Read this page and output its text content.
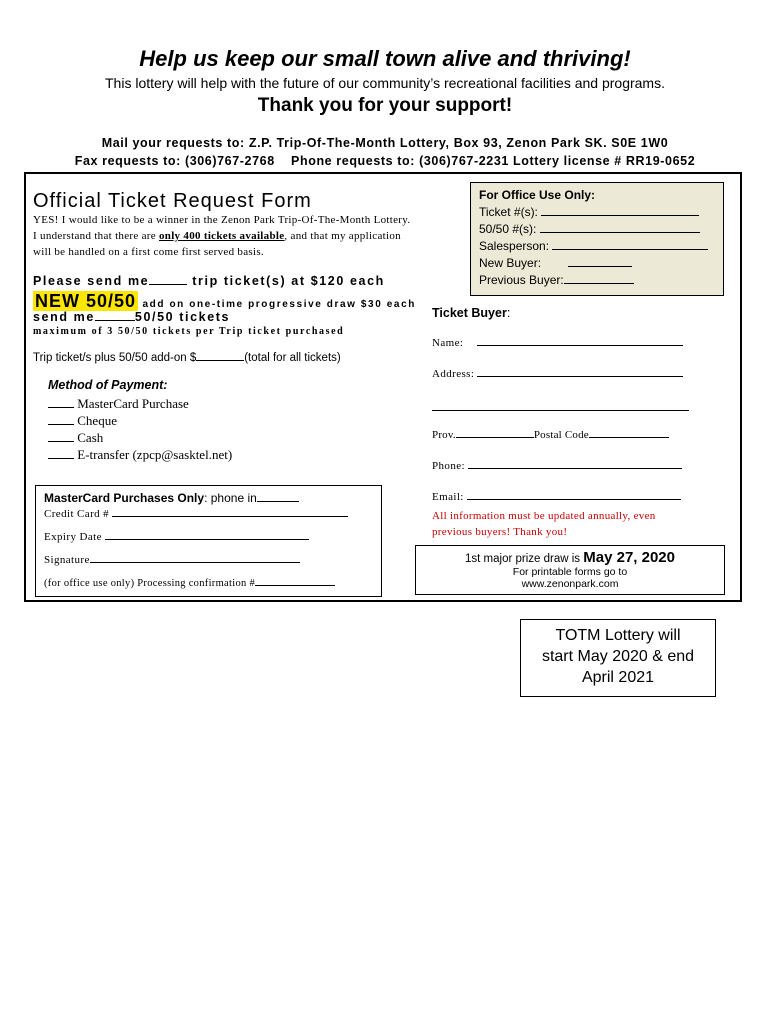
Help us keep our small town alive and thriving!
This lottery will help with the future of our community’s recreational facilities and programs.
Thank you for your support!
Mail your requests to: Z.P. Trip-Of-The-Month Lottery, Box 93, Zenon Park SK. S0E 1W0
Fax requests to: (306)767-2768    Phone requests to: (306)767-2231 Lottery license # RR19-0652
Official Ticket Request Form
YES! I would like to be a winner in the Zenon Park Trip-Of-The-Month Lottery.
I understand that there are only 400 tickets available, and that my application
will be handled on a first come first served basis.
Please send me	trip ticket(s) at $120 each
NEW 50/50 add on one-time progressive draw $30 each
send me	50/50 tickets
maximum of 3 50/50 tickets per Trip ticket purchased
Trip ticket/s plus 50/50 add-on $	(total for all tickets)
Method of Payment:
MasterCard Purchase
Cheque
Cash
E-transfer (zpcp@sasktel.net)
MasterCard Purchases Only: phone in
Credit Card #
Expiry Date
Signature
(for office use only) Processing confirmation #
For Office Use Only:
Ticket #(s):
50/50 #(s):
Salesperson:
New Buyer:
Previous Buyer:
Ticket Buyer:
Name:
Address:
Prov.	Postal Code
Phone:
Email:
All information must be updated annually, even
previous buyers! Thank you!
1st major prize draw is May 27, 2020
For printable forms go to
www.zenonpark.com
TOTM Lottery will
start May 2020 & end
April 2021
